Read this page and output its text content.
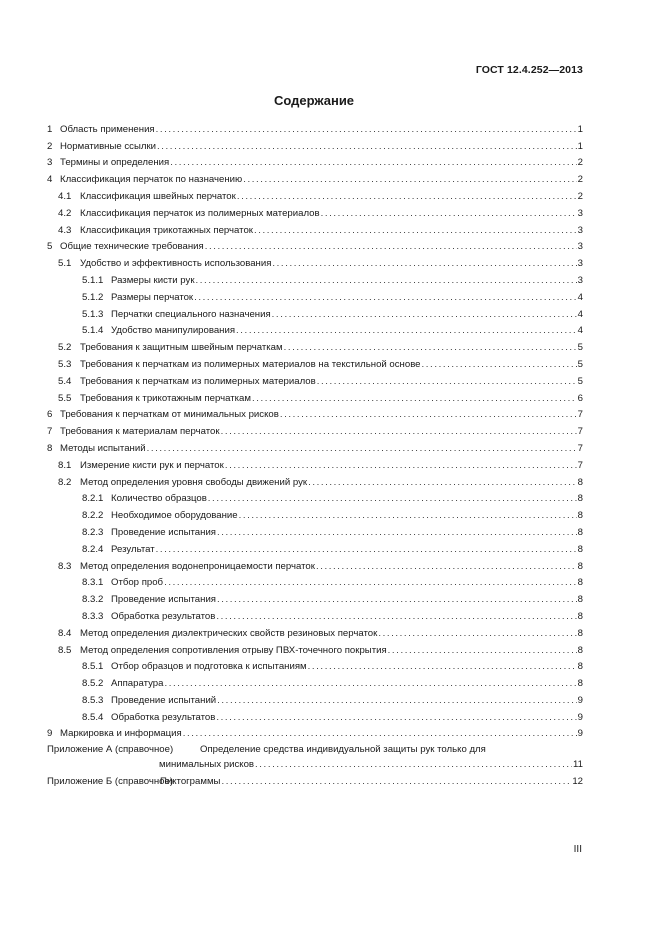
ГОСТ 12.4.252—2013
Содержание
1 Область применения .....	1
2 Нормативные ссылки .....	1
3 Термины и определения .....	2
4 Классификация перчаток по назначению .....	2
4.1 Классификация швейных перчаток .....	2
4.2 Классификация перчаток из полимерных материалов .....	3
4.3 Классификация трикотажных перчаток .....	3
5 Общие технические требования .....	3
5.1 Удобство и эффективность использования .....	3
5.1.1 Размеры кисти рук .....	3
5.1.2 Размеры перчаток .....	4
5.1.3 Перчатки специального назначения .....	4
5.1.4 Удобство манипулирования .....	4
5.2 Требования к защитным швейным перчаткам .....	5
5.3 Требования к перчаткам из полимерных материалов на текстильной основе .....	5
5.4 Требования к перчаткам из полимерных материалов .....	5
5.5 Требования к трикотажным перчаткам .....	6
6 Требования к перчаткам от минимальных рисков .....	7
7 Требования к материалам перчаток .....	7
8 Методы испытаний .....	7
8.1 Измерение кисти рук и перчаток .....	7
8.2 Метод определения уровня свободы движений рук .....	8
8.2.1 Количество образцов .....	8
8.2.2 Необходимое оборудование .....	8
8.2.3 Проведение испытания .....	8
8.2.4 Результат .....	8
8.3 Метод определения водонепроницаемости перчаток .....	8
8.3.1 Отбор проб .....	8
8.3.2 Проведение испытания .....	8
8.3.3 Обработка результатов .....	8
8.4 Метод определения диэлектрических свойств резиновых перчаток .....	8
8.5 Метод определения сопротивления отрыву ПВХ-точечного покрытия .....	8
8.5.1 Отбор образцов и подготовка к испытаниям .....	8
8.5.2 Аппаратура .....	8
8.5.3 Проведение испытаний .....	9
8.5.4 Обработка результатов .....	9
9 Маркировка и информация .....	9
Приложение А (справочное)	Определение средства индивидуальной защиты рук только для
минимальных рисков .....	11
Приложение Б (справочное)
Пиктограммы .....	12
III
